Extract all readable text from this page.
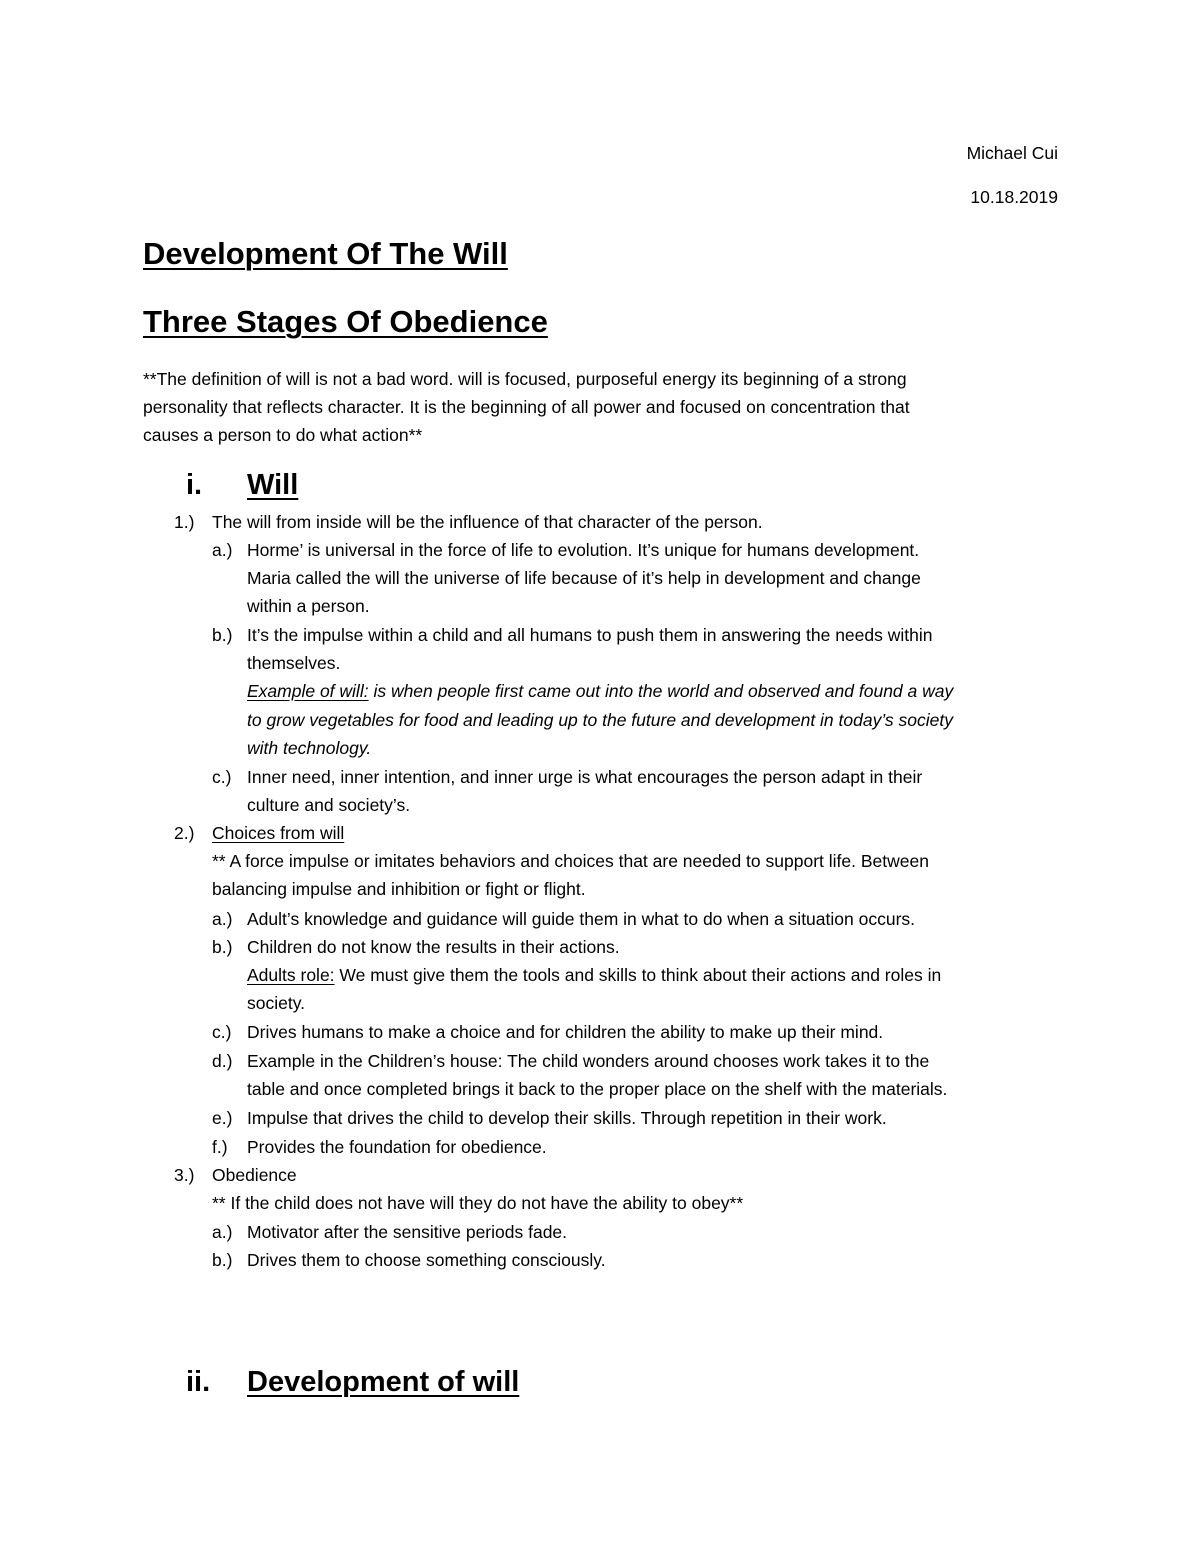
Michael Cui
10.18.2019
Development Of The Will
Three Stages Of Obedience
**The definition of will is not a bad word. will is focused, purposeful energy its beginning of a strong
personality that reflects character. It is the beginning of all power and focused on concentration that
causes a person to do what action**
i. Will
1.) The will from inside will be the influence of that character of the person.
a.) Horme’ is universal in the force of life to evolution. It’s unique for humans development.
Maria called the will the universe of life because of it’s help in development and change
within a person.
b.) It’s the impulse within a child and all humans to push them in answering the needs within
themselves.
Example of will: is when people first came out into the world and observed and found a way
to grow vegetables for food and leading up to the future and development in today’s society
with technology.
c.) Inner need, inner intention, and inner urge is what encourages the person adapt in their
culture and society’s.
2.) Choices from will
** A force impulse or imitates behaviors and choices that are needed to support life. Between
balancing impulse and inhibition or fight or flight.
a.) Adult’s knowledge and guidance will guide them in what to do when a situation occurs.
b.) Children do not know the results in their actions.
Adults role: We must give them the tools and skills to think about their actions and roles in
society.
c.) Drives humans to make a choice and for children the ability to make up their mind.
d.) Example in the Children’s house: The child wonders around chooses work takes it to the
table and once completed brings it back to the proper place on the shelf with the materials.
e.) Impulse that drives the child to develop their skills. Through repetition in their work.
f.) Provides the foundation for obedience.
3.) Obedience
** If the child does not have will they do not have the ability to obey**
a.) Motivator after the sensitive periods fade.
b.) Drives them to choose something consciously.
ii. Development of will
